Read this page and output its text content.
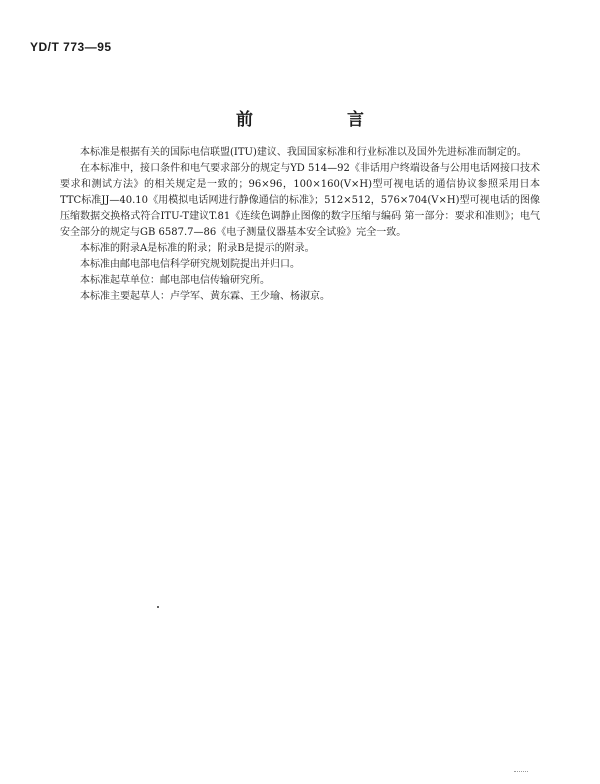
YD/T 773—95
前 言

本标准是根据有关的国际电信联盟(ITU)建议、我国国家标准和行业标准以及国外先进标准而制定的。

在本标准中，接口条件和电气要求部分的规定与YD 514—92《非话用户终端设备与公用电话网接口技术要求和测试方法》的相关规定是一致的；96×96，100×160(V×H)型可视电话的通信协议参照采用日本TTC标准JJ—40.10《用模拟电话网进行静像通信的标准》；512×512，576×704(V×H)型可视电话的图像压缩数据交换格式符合ITU-T建议T.81《连续色调静止图像的数字压缩与编码 第一部分：要求和准则》；电气安全部分的规定与GB 6587.7—86《电子测量仪器基本安全试验》完全一致。

本标准的附录A是标准的附录；附录B是提示的附录。

本标准由邮电部电信科学研究规划院提出并归口。

本标准起草单位：邮电部电信传输研究所。

本标准主要起草人：卢学军、黄东霖、王少瑜、杨淑京。
